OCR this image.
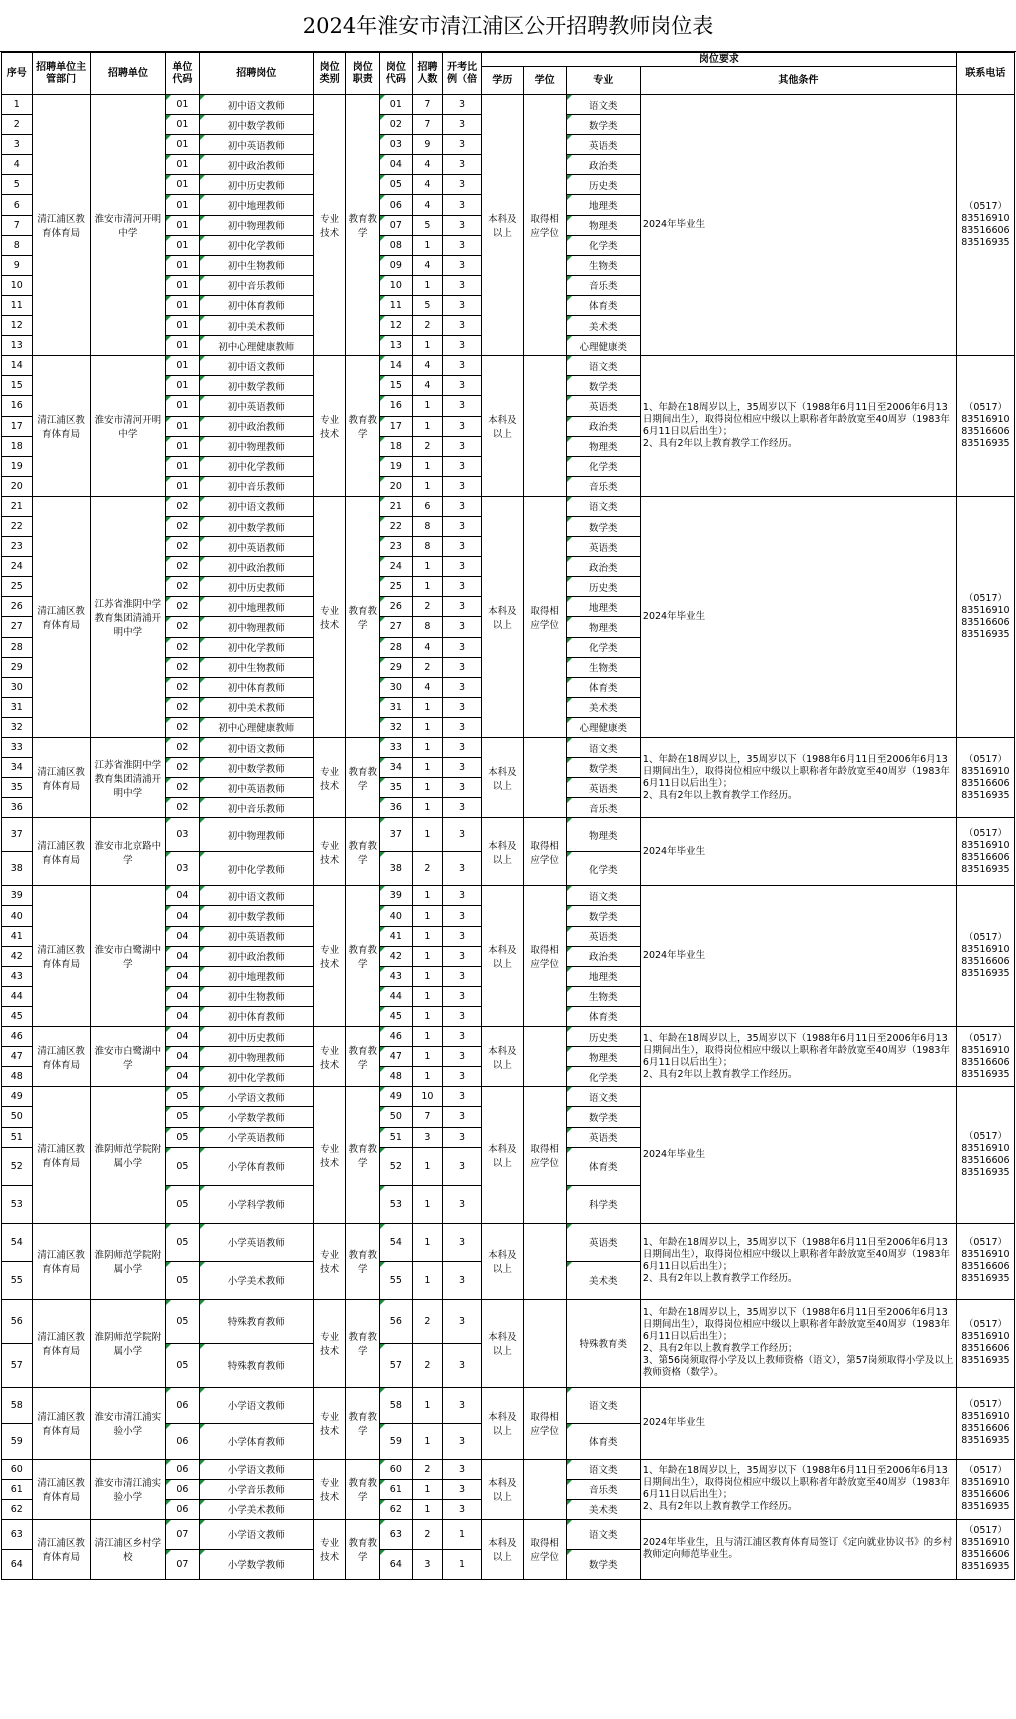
2024年淮安市清江浦区公开招聘教师岗位表
序号	招聘单位主管部门	招聘单位	单位代码	招聘岗位	岗位类别	岗位职责	岗位代码	招聘人数	开考比例（倍	岗位要求				联系电话
										学历	学位	专业	其他条件	
1	清江浦区教育体育局	淮安市清河开明中学	01	初中语文教师	专业技术	教育教学	01	7	3	本科及以上	取得相应学位	语文类	2024年毕业生	（0517）
83516910
83516606
83516935
2			01	初中数学教师			02	7	3			数学类		
3			01	初中英语教师			03	9	3			英语类		
4			01	初中政治教师			04	4	3			政治类		
5			01	初中历史教师			05	4	3			历史类		
6			01	初中地理教师			06	4	3			地理类		
7			01	初中物理教师			07	5	3			物理类		
8			01	初中化学教师			08	1	3			化学类		
9			01	初中生物教师			09	4	3			生物类		
10			01	初中音乐教师			10	1	3			音乐类		
11			01	初中体育教师			11	5	3			体育类		
12			01	初中美术教师			12	2	3			美术类		
13			01	初中心理健康教师			13	1	3			心理健康类		
14	清江浦区教育体育局	淮安市清河开明中学	01	初中语文教师	专业技术	教育教学	14	4	3	本科及以上		语文类	1、年龄在18周岁以上，35周岁以下（1988年6月11日至2006年6月13日期间出生），取得岗位相应中级以上职称者年龄放宽至40周岁（1983年6月11日以后出生）；
2、具有2年以上教育教学工作经历。	（0517）
83516910
83516606
83516935
15			01	初中数学教师			15	4	3			数学类		
16			01	初中英语教师			16	1	3			英语类		
17			01	初中政治教师			17	1	3			政治类		
18			01	初中物理教师			18	2	3			物理类		
19			01	初中化学教师			19	1	3			化学类		
20			01	初中音乐教师			20	1	3			音乐类		
21	清江浦区教育体育局	江苏省淮阴中学教育集团清浦开明中学	02	初中语文教师	专业技术	教育教学	21	6	3	本科及以上	取得相应学位	语文类	2024年毕业生	（0517）
83516910
83516606
83516935
22			02	初中数学教师			22	8	3			数学类		
23			02	初中英语教师			23	8	3			英语类		
24			02	初中政治教师			24	1	3			政治类		
25			02	初中历史教师			25	1	3			历史类		
26			02	初中地理教师			26	2	3			地理类		
27			02	初中物理教师			27	8	3			物理类		
28			02	初中化学教师			28	4	3			化学类		
29			02	初中生物教师			29	2	3			生物类		
30			02	初中体育教师			30	4	3			体育类		
31			02	初中美术教师			31	1	3			美术类		
32			02	初中心理健康教师			32	1	3			心理健康类		
33	清江浦区教育体育局	江苏省淮阴中学教育集团清浦开明中学	02	初中语文教师	专业技术	教育教学	33	1	3	本科及以上		语文类	1、年龄在18周岁以上，35周岁以下（1988年6月11日至2006年6月13日期间出生），取得岗位相应中级以上职称者年龄放宽至40周岁（1983年6月11日以后出生）；
2、具有2年以上教育教学工作经历。	（0517）
83516910
83516606
83516935
34			02	初中数学教师			34	1	3			数学类		
35			02	初中英语教师			35	1	3			英语类		
36			02	初中音乐教师			36	1	3			音乐类		
37	清江浦区教育体育局	淮安市北京路中学	03	初中物理教师	专业技术	教育教学	37	1	3	本科及以上	取得相应学位	物理类	2024年毕业生	（0517）
83516910
83516606
83516935
38			03	初中化学教师			38	2	3			化学类		
39	清江浦区教育体育局	淮安市白鹭湖中学	04	初中语文教师	专业技术	教育教学	39	1	3	本科及以上	取得相应学位	语文类	2024年毕业生	（0517）
83516910
83516606
83516935
40			04	初中数学教师			40	1	3			数学类		
41			04	初中英语教师			41	1	3			英语类		
42			04	初中政治教师			42	1	3			政治类		
43			04	初中地理教师			43	1	3			地理类		
44			04	初中生物教师			44	1	3			生物类		
45			04	初中体育教师			45	1	3			体育类		
46	清江浦区教育体育局	淮安市白鹭湖中学	04	初中历史教师	专业技术	教育教学	46	1	3	本科及以上		历史类	1、年龄在18周岁以上，35周岁以下（1988年6月11日至2006年6月13日期间出生），取得岗位相应中级以上职称者年龄放宽至40周岁（1983年6月11日以后出生）；
2、具有2年以上教育教学工作经历。	（0517）
83516910
83516606
83516935
47			04	初中物理教师			47	1	3			物理类		
48			04	初中化学教师			48	1	3			化学类		
49	清江浦区教育体育局	淮阴师范学院附属小学	05	小学语文教师	专业技术	教育教学	49	10	3	本科及以上	取得相应学位	语文类	2024年毕业生	（0517）
83516910
83516606
83516935
50			05	小学数学教师			50	7	3			数学类		
51			05	小学英语教师			51	3	3			英语类		
52			05	小学体育教师			52	1	3			体育类		
53			05	小学科学教师			53	1	3			科学类		
54	清江浦区教育体育局	淮阴师范学院附属小学	05	小学英语教师	专业技术	教育教学	54	1	3	本科及以上		英语类	1、年龄在18周岁以上，35周岁以下（1988年6月11日至2006年6月13日期间出生），取得岗位相应中级以上职称者年龄放宽至40周岁（1983年6月11日以后出生）；
2、具有2年以上教育教学工作经历。	（0517）
83516910
83516606
83516935
55			05	小学美术教师			55	1	3			美术类		
56	清江浦区教育体育局	淮阴师范学院附属小学	05	特殊教育教师	专业技术	教育教学	56	2	3	本科及以上		特殊教育类	1、年龄在18周岁以上，35周岁以下（1988年6月11日至2006年6月13日期间出生），取得岗位相应中级以上职称者年龄放宽至40周岁（1983年6月11日以后出生）；
2、具有2年以上教育教学工作经历；
3、第56岗须取得小学及以上教师资格（语文），第57岗须取得小学及以上教师资格（数学）。	（0517）
83516910
83516606
83516935
57			05	特殊教育教师			57	2	3					
58	清江浦区教育体育局	淮安市清江浦实验小学	06	小学语文教师	专业技术	教育教学	58	1	3	本科及以上	取得相应学位	语文类	2024年毕业生	（0517）
83516910
83516606
83516935
59			06	小学体育教师			59	1	3			体育类		
60	清江浦区教育体育局	淮安市清江浦实验小学	06	小学语文教师	专业技术	教育教学	60	2	3	本科及以上		语文类	1、年龄在18周岁以上，35周岁以下（1988年6月11日至2006年6月13日期间出生），取得岗位相应中级以上职称者年龄放宽至40周岁（1983年6月11日以后出生）；
2、具有2年以上教育教学工作经历。	（0517）
83516910
83516606
83516935
61			06	小学音乐教师			61	1	3			音乐类		
62			06	小学美术教师			62	1	3			美术类		
63	清江浦区教育体育局	清江浦区乡村学校	07	小学语文教师	专业技术	教育教学	63	2	1	本科及以上	取得相应学位	语文类	2024年毕业生，且与清江浦区教育体育局签订《定向就业协议书》的乡村教师定向师范毕业生。	（0517）
83516910
83516606
83516935
64			07	小学数学教师			64	3	1			数学类		
